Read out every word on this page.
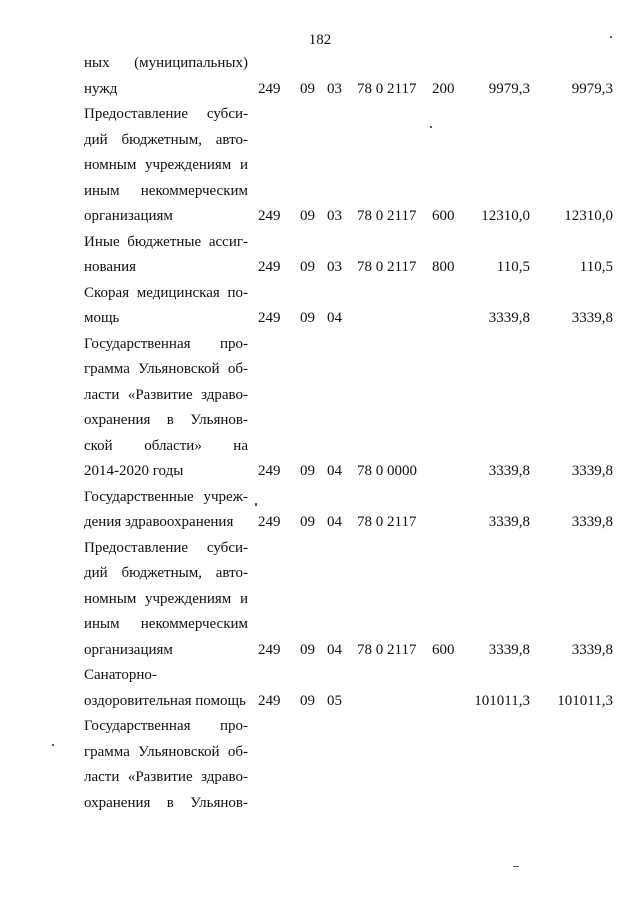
182
ных (муниципальных)
нужд	249 09 03 78 0 2117 200	9979,3	9979,3
Предоставление субси-
дий бюджетным, авто-
номным учреждениям и
иным некоммерческим
организациям	249 09 03 78 0 2117 600	12310,0	12310,0
Иные бюджетные ассиг-
нования	249 09 03 78 0 2117 800	110,5	110,5
Скорая медицинская по-
мощь	249 09 04	3339,8	3339,8
Государственная про-
грамма Ульяновской об-
ласти «Развитие здраво-
охранения в Ульянов-
ской области» на
2014-2020 годы	249 09 04 78 0 0000	3339,8	3339,8
Государственные учреж-
дения здравоохранения	249 09 04 78 0 2117	3339,8	3339,8
Предоставление субси-
дий бюджетным, авто-
номным учреждениям и
иным некоммерческим
организациям	249 09 04 78 0 2117 600	3339,8	3339,8
Санаторно-
оздоровительная помощь 249 09 05	101011,3	101011,3
Государственная про-
грамма Ульяновской об-
ласти «Развитие здраво-
охранения в Ульянов-
